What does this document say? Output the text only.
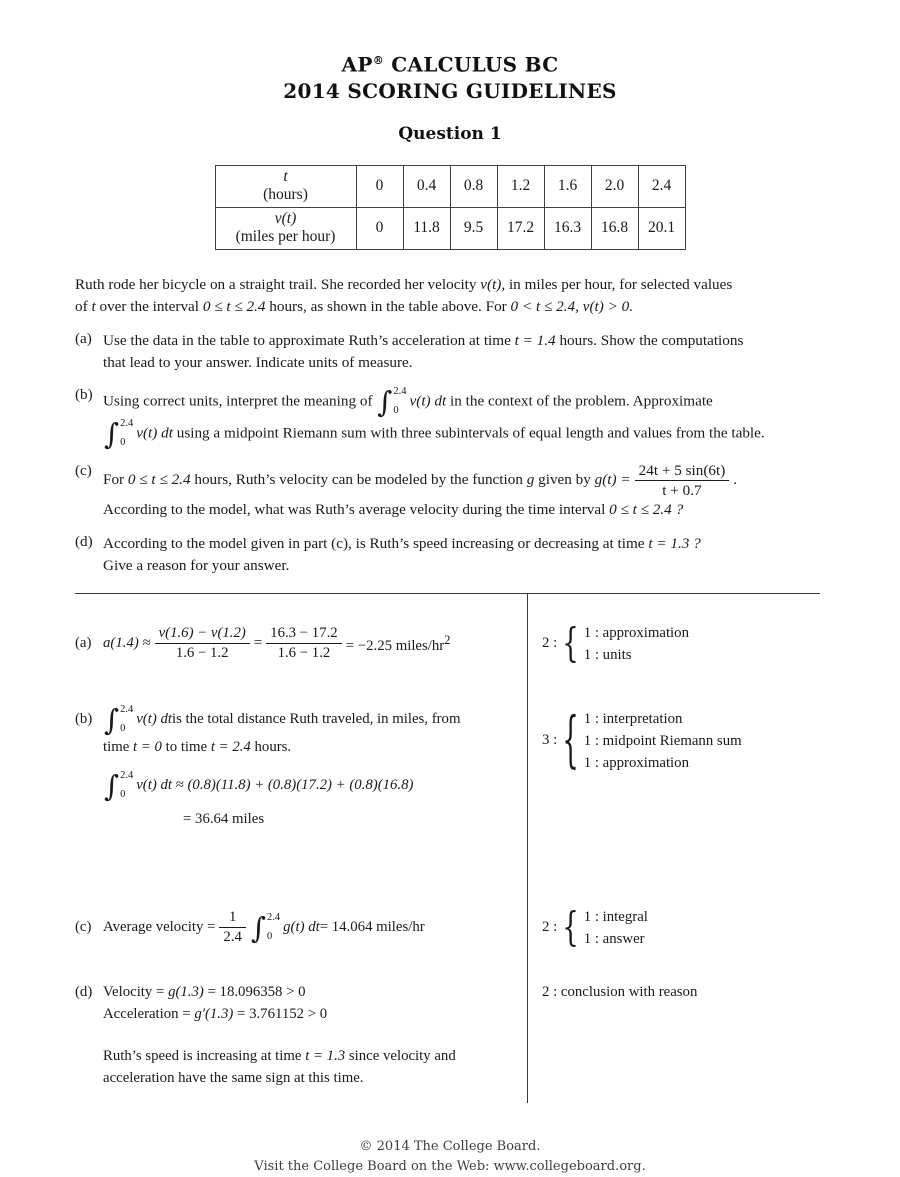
AP® CALCULUS BC
2014 SCORING GUIDELINES
Question 1
t
(hours)	0	0.4	0.8	1.2	1.6	2.0	2.4
v(t)
(miles per hour)	0	11.8	9.5	17.2	16.3	16.8	20.1
Ruth rode her bicycle on a straight trail. She recorded her velocity v(t), in miles per hour, for selected values
of t over the interval 0 ≤ t ≤ 2.4 hours, as shown in the table above. For 0 < t ≤ 2.4, v(t) > 0.
(a) Use the data in the table to approximate Ruth’s acceleration at time t = 1.4 hours. Show the computations
that lead to your answer. Indicate units of measure.
(b) Using correct units, interpret the meaning of ∫ 2.4
0
v(t) dt in the context of the problem. Approximate
∫ 2.4
0
v(t) dt using a midpoint Riemann sum with three subintervals of equal length and values from the table.
(c)
For 0 ≤ t ≤ 2.4 hours, Ruth’s velocity can be modeled by the function g given by $g(t) = \frac{24t + 5 \sin(6t)}{t + 0.7}$ .
According to the model, what was Ruth’s average velocity during the time interval 0 ≤ t ≤ 2.4 ?
(d) According to the model given in part (c), is Ruth’s speed increasing or decreasing at time t = 1.3 ?
Give a reason for your answer.
(a) $a(1.4) \approx \frac{v(1.6) - v(1.2)}{1.6 - 1.2} = \frac{16.3 - 17.2}{1.6 - 1.2} = -2.25$ miles/$hr^2$	2 : { 1 : approximation
1 : units
(b) ∫ 2.4
0
v(t) dt is the total distance Ruth traveled, in miles, from
time t = 0 to time t = 2.4 hours.
∫ 2.4
0
v(t) dt ≈ (0.8)(11.8) + (0.8)(17.2) + (0.8)(16.8)
= 36.64 miles
3 : { 1 : interpretation
1 : midpoint Riemann sum
1 : approximation
(c) Average velocity = $\frac{1}{2.4}$ ∫ 2.4
0
g(t) dt = 14.064 miles/hr	2 : { 1 : integral
1 : answer
(d) Velocity = g(1.3) = 18.096358 > 0
Acceleration = g′(1.3) = 3.761152 > 0
Ruth’s speed is increasing at time t = 1.3 since velocity and
acceleration have the same sign at this time.
2 : conclusion with reason
© 2014 The College Board.
Visit the College Board on the Web: www.collegeboard.org.
